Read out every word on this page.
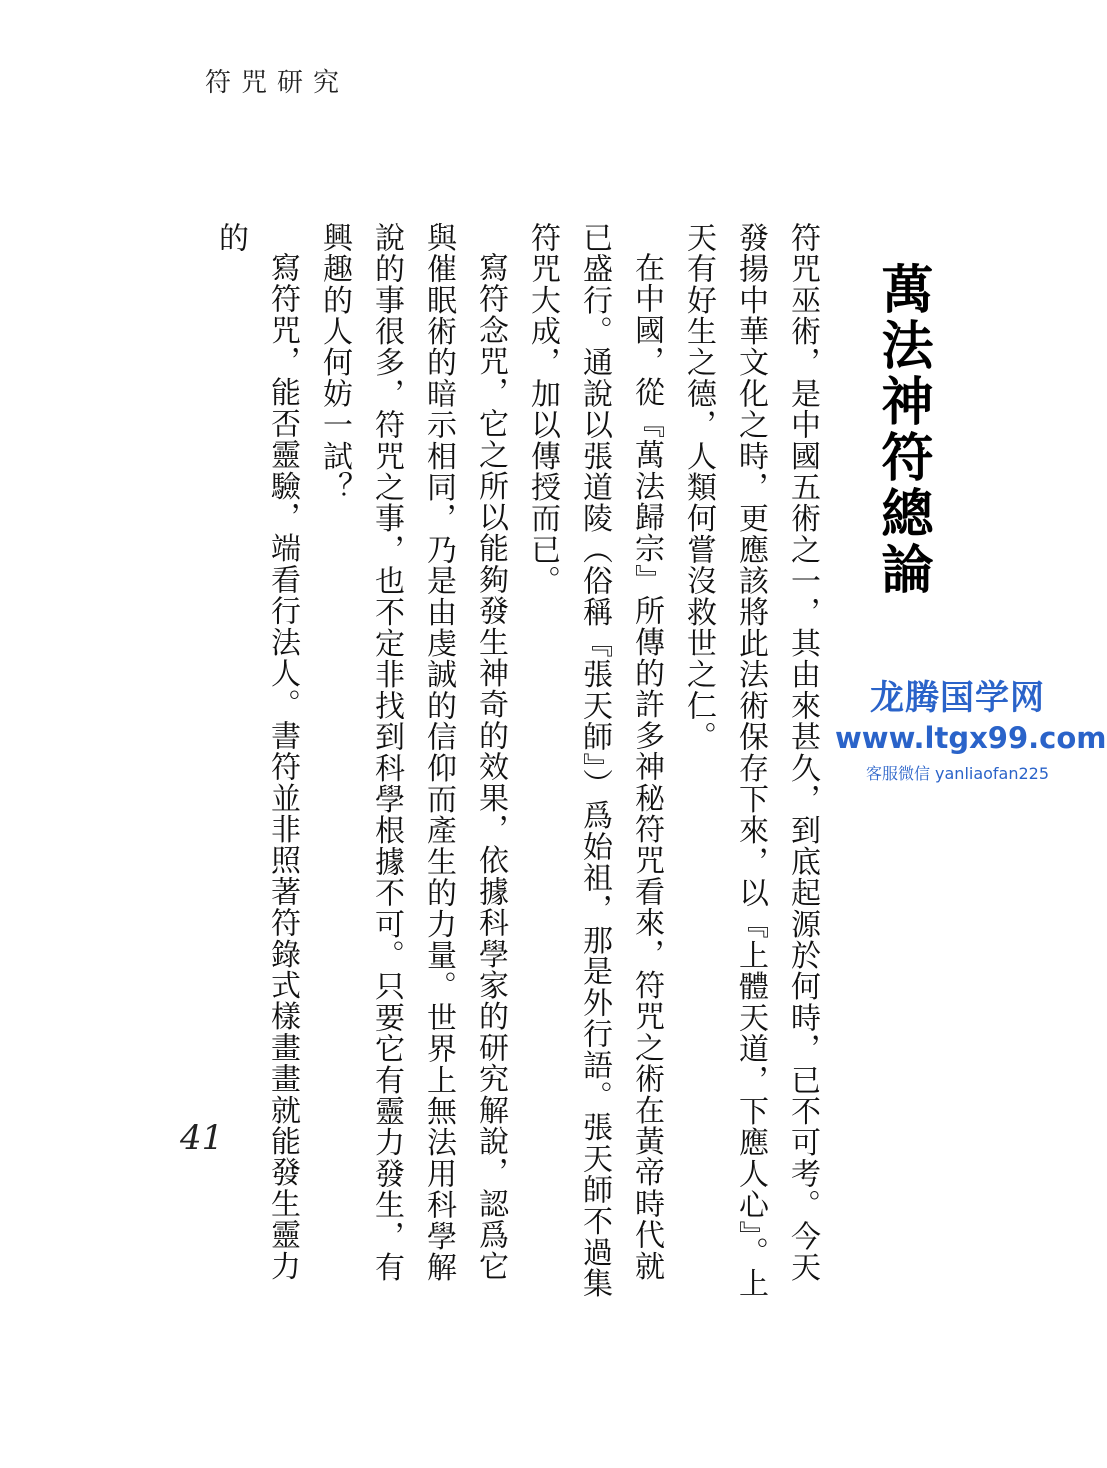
符咒研究
萬法神符總論

符咒巫術，是中國五術之一，其由來甚久，到底起源於何時，已不可考。今天發揚中華文化之時，更應該將此法術保存下來，以『上體天道，下應人心』。上天有好生之德，人類何嘗沒救世之仁。

在中國，從『萬法歸宗』所傳的許多神秘符咒看來，符咒之術在黃帝時代就已盛行。通說以張道陵（俗稱『張天師』）爲始祖，那是外行語。張天師不過集符咒大成，加以傳授而已。

寫符念咒，它之所以能夠發生神奇的效果，依據科學家的研究解說，認爲它與催眠術的暗示相同，乃是由虔誠的信仰而產生的力量。世界上無法用科學解說的事很多，符咒之事，也不定非找到科學根據不可。只要它有靈力發生，有興趣的人何妨一試？

寫符咒，能否靈驗，端看行法人。書符並非照著符錄式樣畫畫就能發生靈力的

41
龙腾国学网
www.ltgx99.com
客服微信 yanliaofan225
